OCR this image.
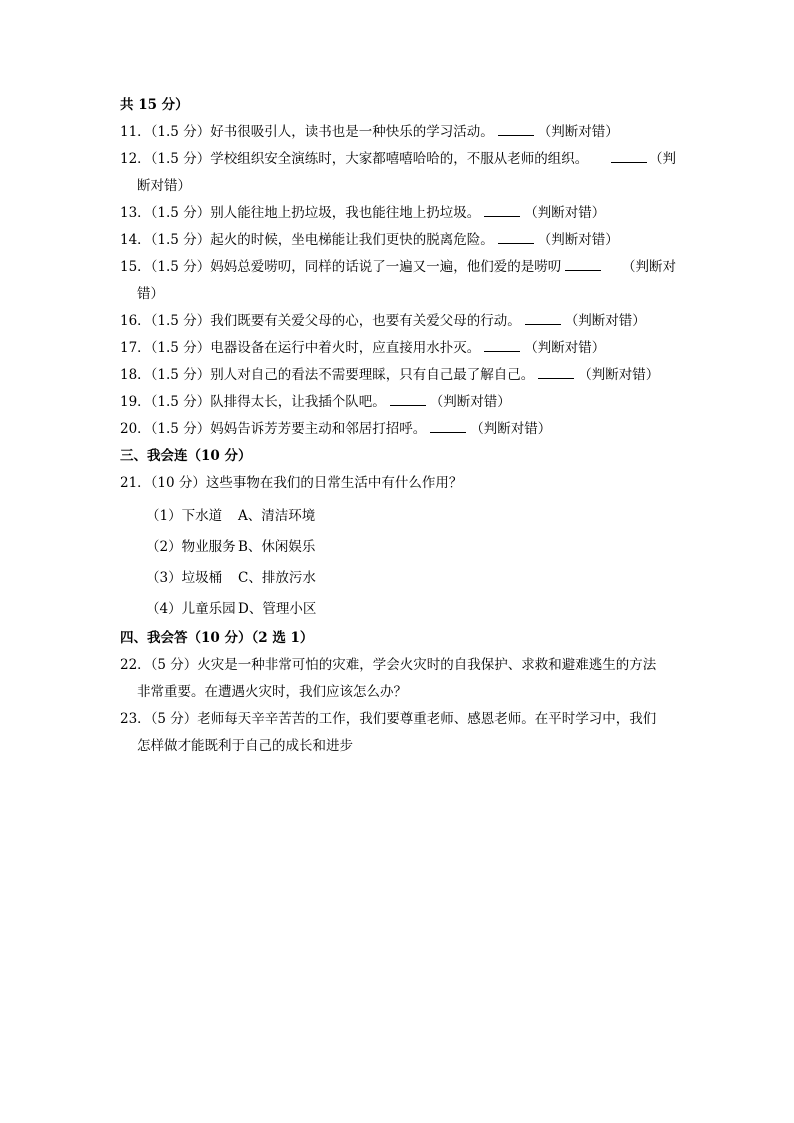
共 15 分）
11．（1.5 分）好书很吸引人，读书也是一种快乐的学习活动。	（判断对错）
12．（1.5 分）学校组织安全演练时，大家都嘻嘻哈哈的，不服从老师的组织。	（判
断对错）
13．（1.5 分）别人能往地上扔垃圾，我也能往地上扔垃圾。	（判断对错）
14．（1.5 分）起火的时候，坐电梯能让我们更快的脱离危险。	（判断对错）
15．（1.5 分）妈妈总爱唠叨，同样的话说了一遍又一遍，他们爱的是唠叨	（判断对
错）
16．（1.5 分）我们既要有关爱父母的心，也要有关爱父母的行动。	（判断对错）
17．（1.5 分）电器设备在运行中着火时，应直接用水扑灭。	（判断对错）
18．（1.5 分）别人对自己的看法不需要理睬，只有自己最了解自己。	（判断对错）
19．（1.5 分）队排得太长，让我插个队吧。	（判断对错）
20．（1.5 分）妈妈告诉芳芳要主动和邻居打招呼。	（判断对错）
三、我会连（10 分）
21．（10 分）这些事物在我们的日常生活中有什么作用？
（1）下水道	A、清洁环境
（2）物业服务 B、休闲娱乐
（3）垃圾桶	C、排放污水
（4）儿童乐园 D、管理小区
四、我会答（10 分）（2 选 1）
22．（5 分）火灾是一种非常可怕的灾难，学会火灾时的自我保护、求救和避难逃生的方法
非常重要。在遭遇火灾时，我们应该怎么办？
23．（5 分）老师每天辛辛苦苦的工作，我们要尊重老师、感恩老师。在平时学习中，我们
怎样做才能既利于自己的成长和进步
